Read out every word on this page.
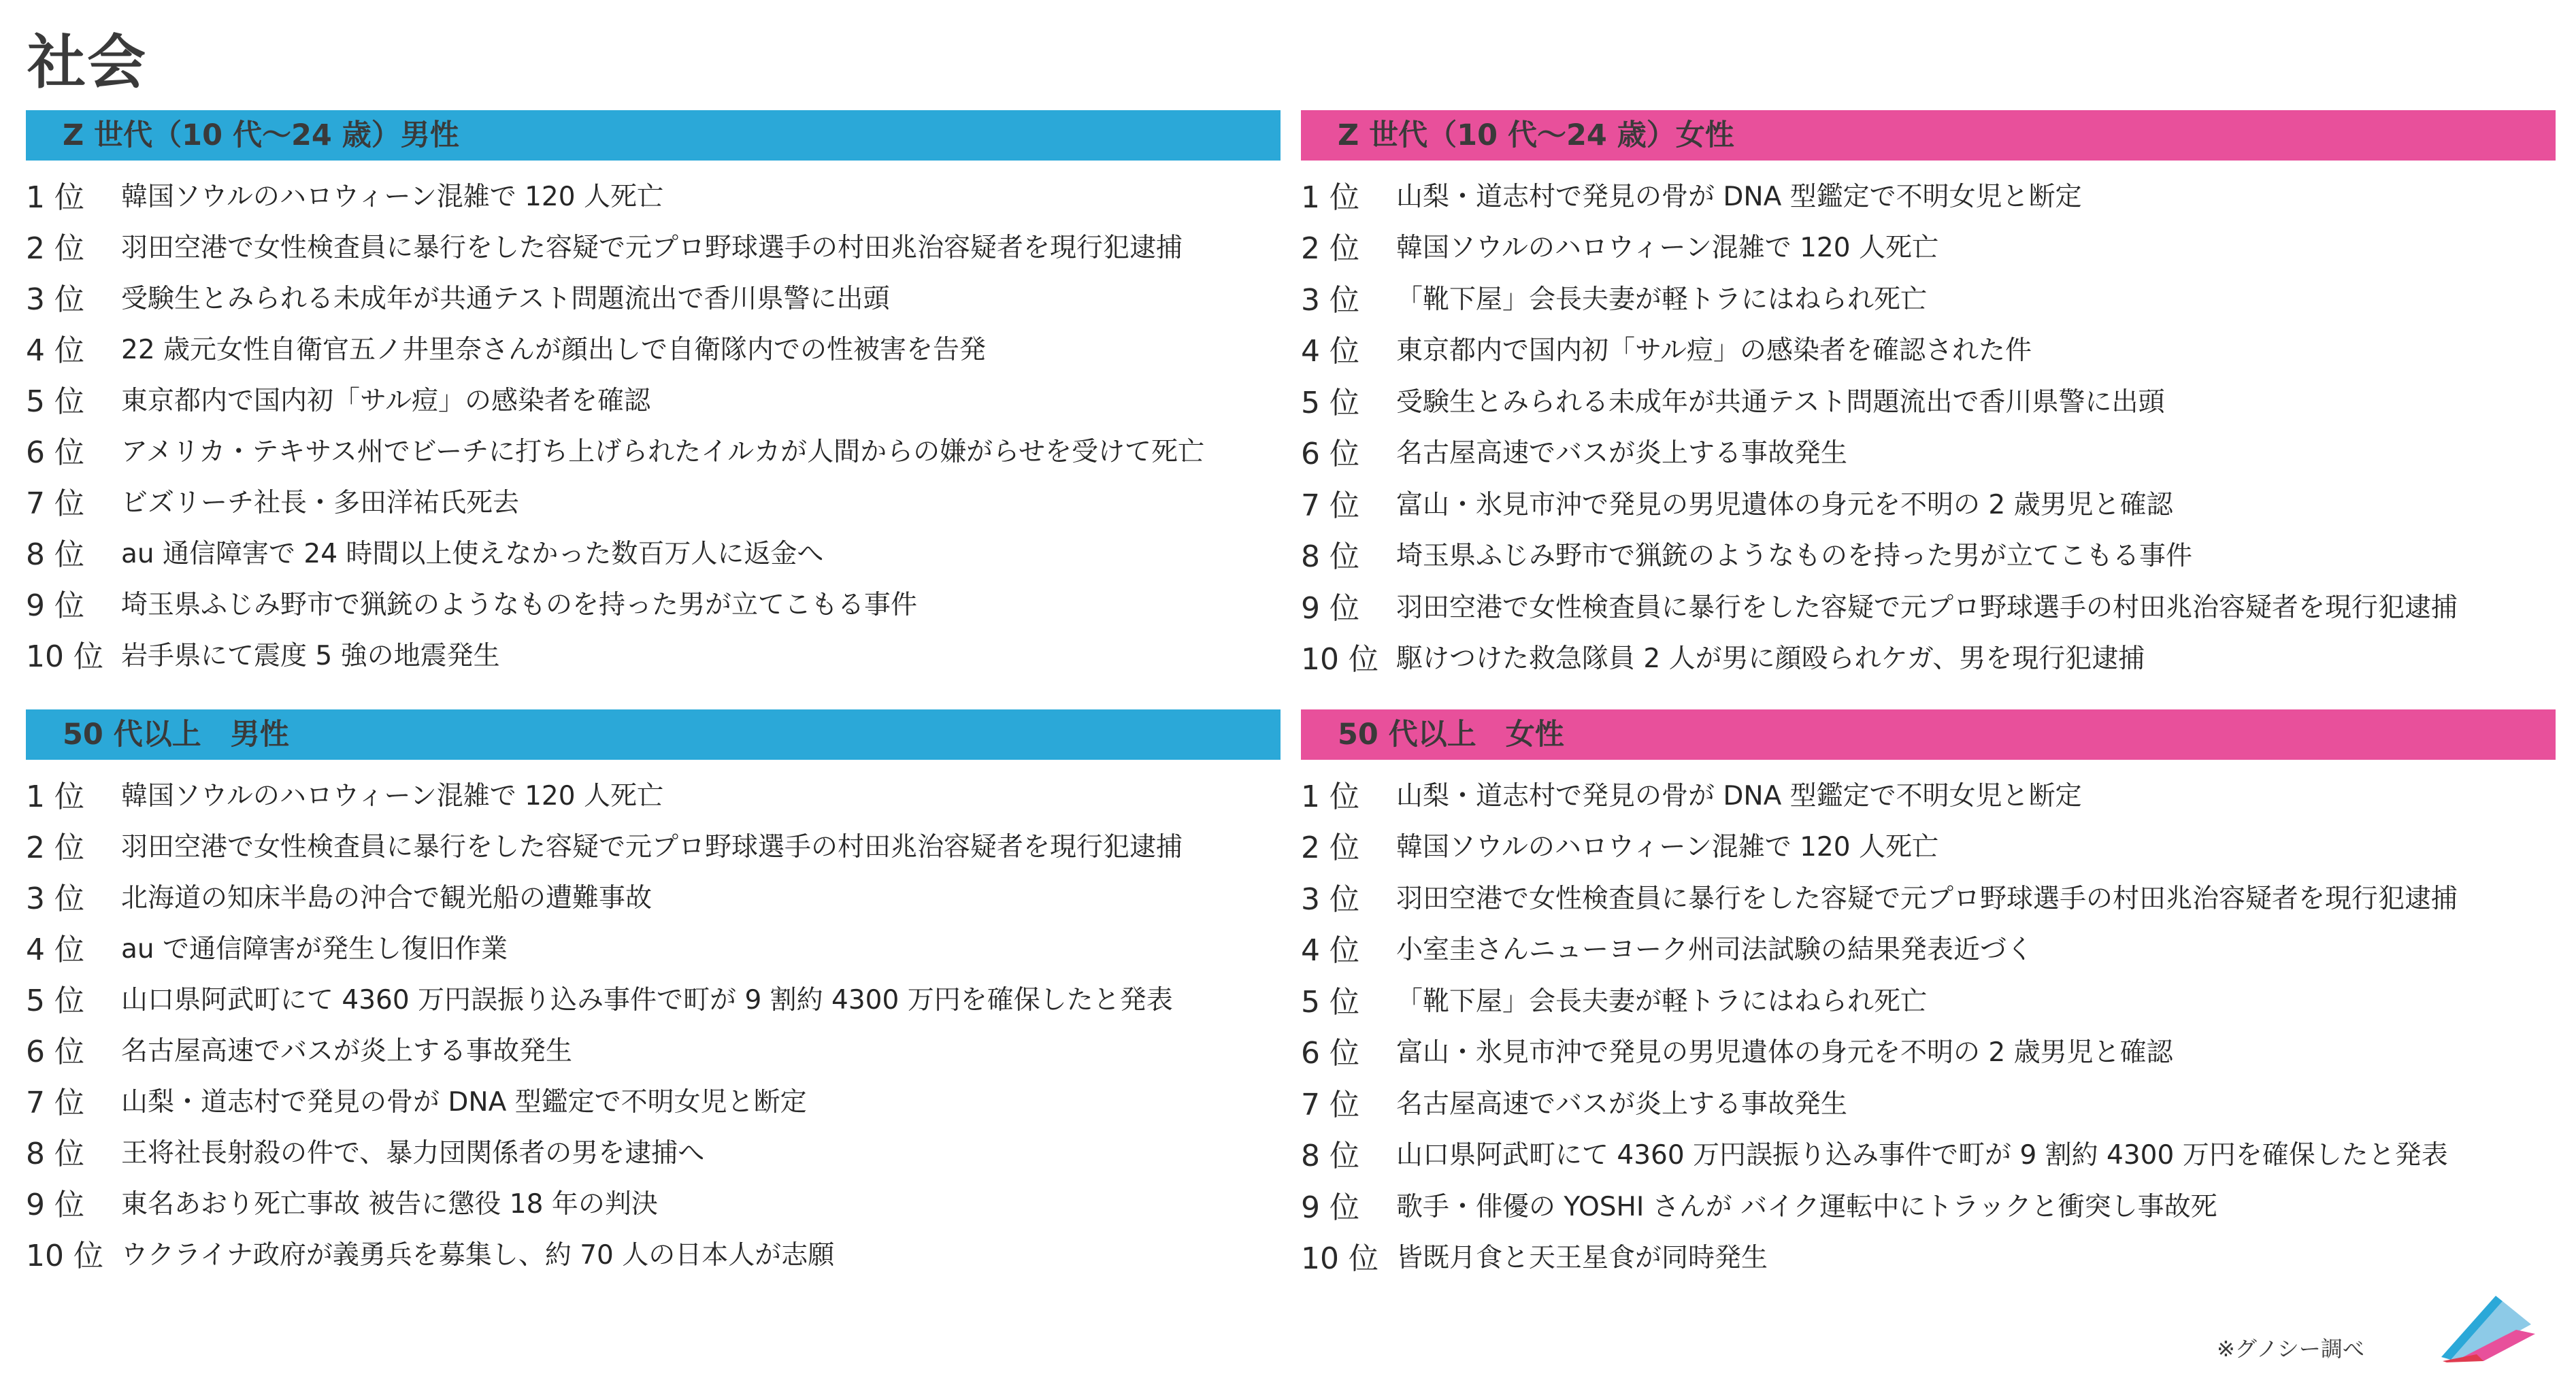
社会
Z 世代（10 代〜24 歳）男性
1 位	韓国ソウルのハロウィーン混雑で 120 人死亡
2 位	羽田空港で女性検査員に暴行をした容疑で元プロ野球選手の村田兆治容疑者を現行犯逮捕
3 位	受験生とみられる未成年が共通テスト問題流出で香川県警に出頭
4 位	22 歳元女性自衛官五ノ井里奈さんが顔出しで自衛隊内での性被害を告発
5 位	東京都内で国内初「サル痘」の感染者を確認
6 位	アメリカ・テキサス州でビーチに打ち上げられたイルカが人間からの嫌がらせを受けて死亡
7 位	ビズリーチ社長・多田洋祐氏死去
8 位	au 通信障害で 24 時間以上使えなかった数百万人に返金へ
9 位	埼玉県ふじみ野市で猟銃のようなものを持った男が立てこもる事件
10 位 岩手県にて震度 5 強の地震発生
Z 世代（10 代〜24 歳）女性
1 位	山梨・道志村で発見の骨が DNA 型鑑定で不明女児と断定
2 位	韓国ソウルのハロウィーン混雑で 120 人死亡
3 位	「靴下屋」会長夫妻が軽トラにはねられ死亡
4 位	東京都内で国内初「サル痘」の感染者を確認された件
5 位	受験生とみられる未成年が共通テスト問題流出で香川県警に出頭
6 位	名古屋高速でバスが炎上する事故発生
7 位	富山・氷見市沖で発見の男児遺体の身元を不明の 2 歳男児と確認
8 位	埼玉県ふじみ野市で猟銃のようなものを持った男が立てこもる事件
9 位	羽田空港で女性検査員に暴行をした容疑で元プロ野球選手の村田兆治容疑者を現行犯逮捕
10 位 駆けつけた救急隊員 2 人が男に顔殴られケガ、男を現行犯逮捕
50 代以上　男性
1 位	韓国ソウルのハロウィーン混雑で 120 人死亡
2 位	羽田空港で女性検査員に暴行をした容疑で元プロ野球選手の村田兆治容疑者を現行犯逮捕
3 位	北海道の知床半島の沖合で観光船の遭難事故
4 位	au で通信障害が発生し復旧作業
5 位	山口県阿武町にて 4360 万円誤振り込み事件で町が 9 割約 4300 万円を確保したと発表
6 位	名古屋高速でバスが炎上する事故発生
7 位	山梨・道志村で発見の骨が DNA 型鑑定で不明女児と断定
8 位	王将社長射殺の件で、暴力団関係者の男を逮捕へ
9 位	東名あおり死亡事故 被告に懲役 18 年の判決
10 位 ウクライナ政府が義勇兵を募集し、約 70 人の日本人が志願
50 代以上　女性
1 位	山梨・道志村で発見の骨が DNA 型鑑定で不明女児と断定
2 位	韓国ソウルのハロウィーン混雑で 120 人死亡
3 位	羽田空港で女性検査員に暴行をした容疑で元プロ野球選手の村田兆治容疑者を現行犯逮捕
4 位	小室圭さんニューヨーク州司法試験の結果発表近づく
5 位	「靴下屋」会長夫妻が軽トラにはねられ死亡
6 位	富山・氷見市沖で発見の男児遺体の身元を不明の 2 歳男児と確認
7 位	名古屋高速でバスが炎上する事故発生
8 位	山口県阿武町にて 4360 万円誤振り込み事件で町が 9 割約 4300 万円を確保したと発表
9 位	歌手・俳優の YOSHI さんが バイク運転中にトラックと衝突し事故死
10 位 皆既月食と天王星食が同時発生
※グノシー調べ
